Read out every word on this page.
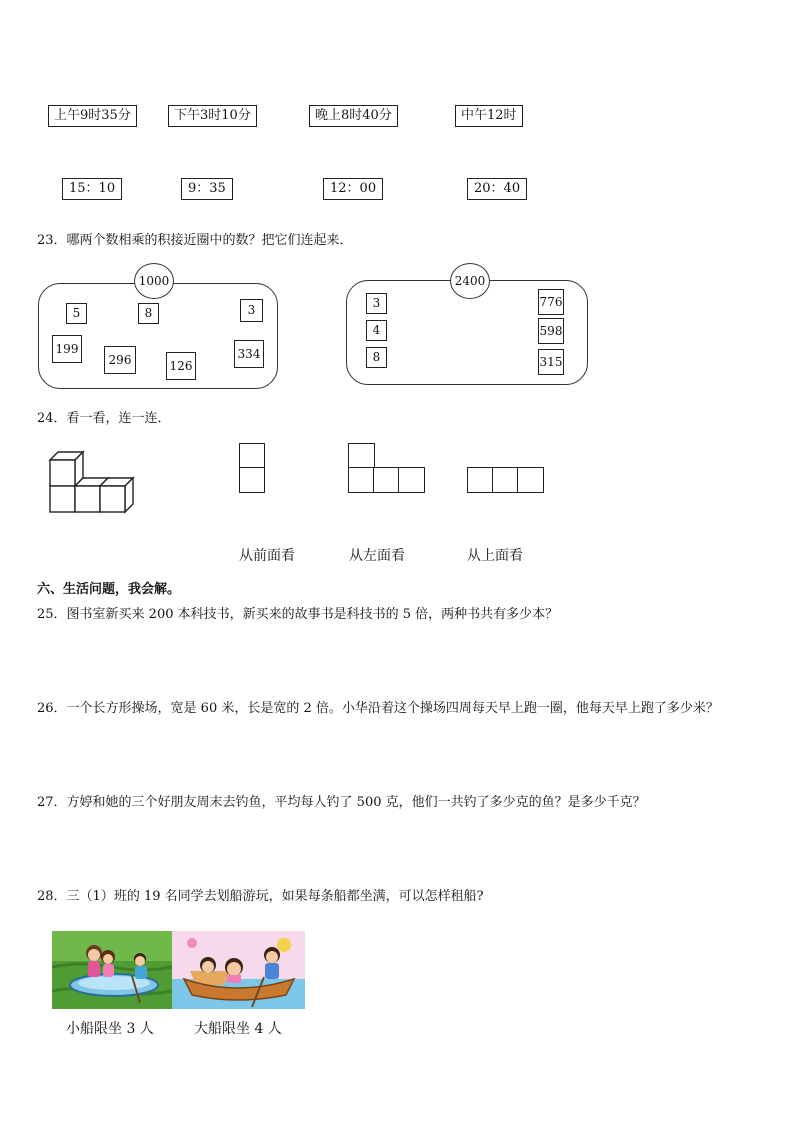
上午9时35分	下午3时10分	晚上8时40分	中午12时
15：10	9：35	12：00	20：40
23．哪两个数相乘的积接近圈中的数？把它们连起来．
1000
5	8	3
199
296	126
334
2400
3
4
8
776
598
315
24．看一看，连一连．
从前面看	从左面看	从上面看
六、生活问题，我会解。
25．图书室新买来 200 本科技书，新买来的故事书是科技书的 5 倍，两种书共有多少本？
26．一个长方形操场，宽是 60 米，长是宽的 2 倍。小华沿着这个操场四周每天早上跑一圈，他每天早上跑了多少米？
27．方婷和她的三个好朋友周末去钓鱼，平均每人钓了 500 克，他们一共钓了多少克的鱼？是多少千克？
28．三（1）班的 19 名同学去划船游玩，如果每条船都坐满，可以怎样租船?
小船限坐 3 人	大船限坐 4 人
